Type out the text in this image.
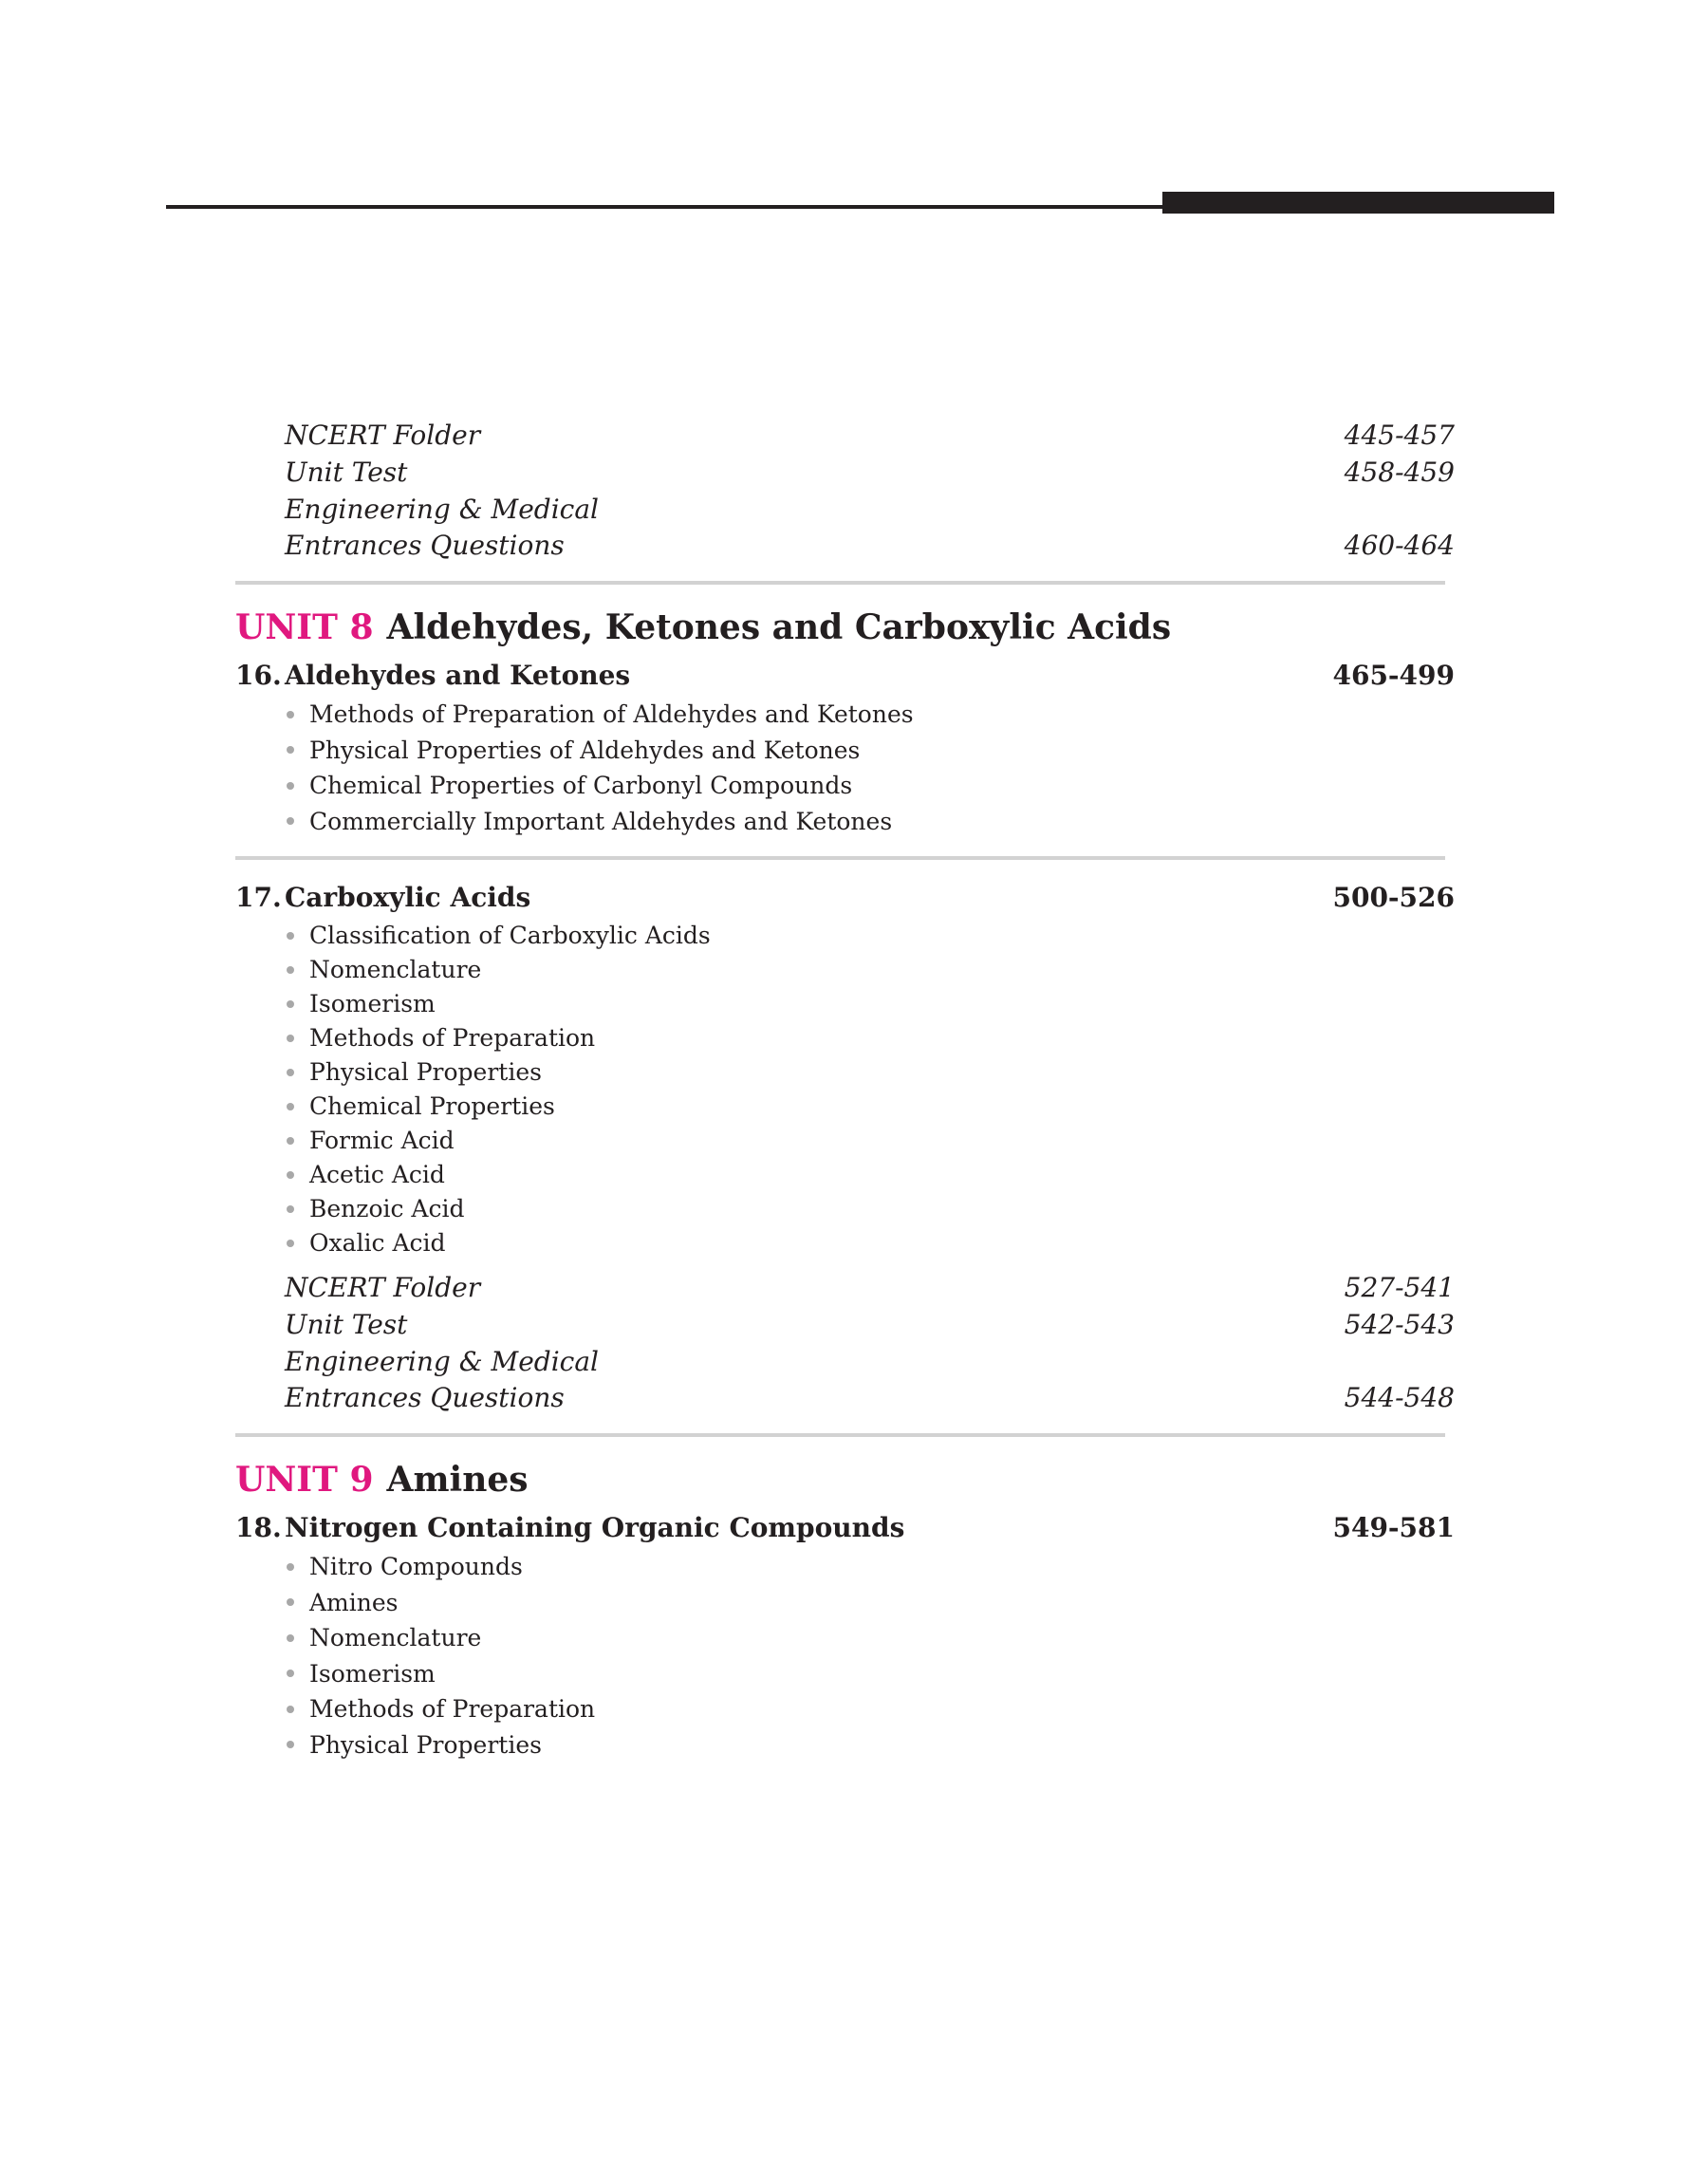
NCERT Folder	445-457
Unit Test	458-459
Engineering & Medical
Entrances Questions	460-464
UNIT 8 Aldehydes, Ketones and Carboxylic Acids
16. Aldehydes and Ketones	465-499
Methods of Preparation of Aldehydes and Ketones
Physical Properties of Aldehydes and Ketones
Chemical Properties of Carbonyl Compounds
Commercially Important Aldehydes and Ketones
17. Carboxylic Acids	500-526
Classification of Carboxylic Acids
Nomenclature
Isomerism
Methods of Preparation
Physical Properties
Chemical Properties
Formic Acid
Acetic Acid
Benzoic Acid
Oxalic Acid
NCERT Folder	527-541
Unit Test	542-543
Engineering & Medical
Entrances Questions	544-548
UNIT 9 Amines
18. Nitrogen Containing Organic Compounds	549-581
Nitro Compounds
Amines
Nomenclature
Isomerism
Methods of Preparation
Physical Properties
